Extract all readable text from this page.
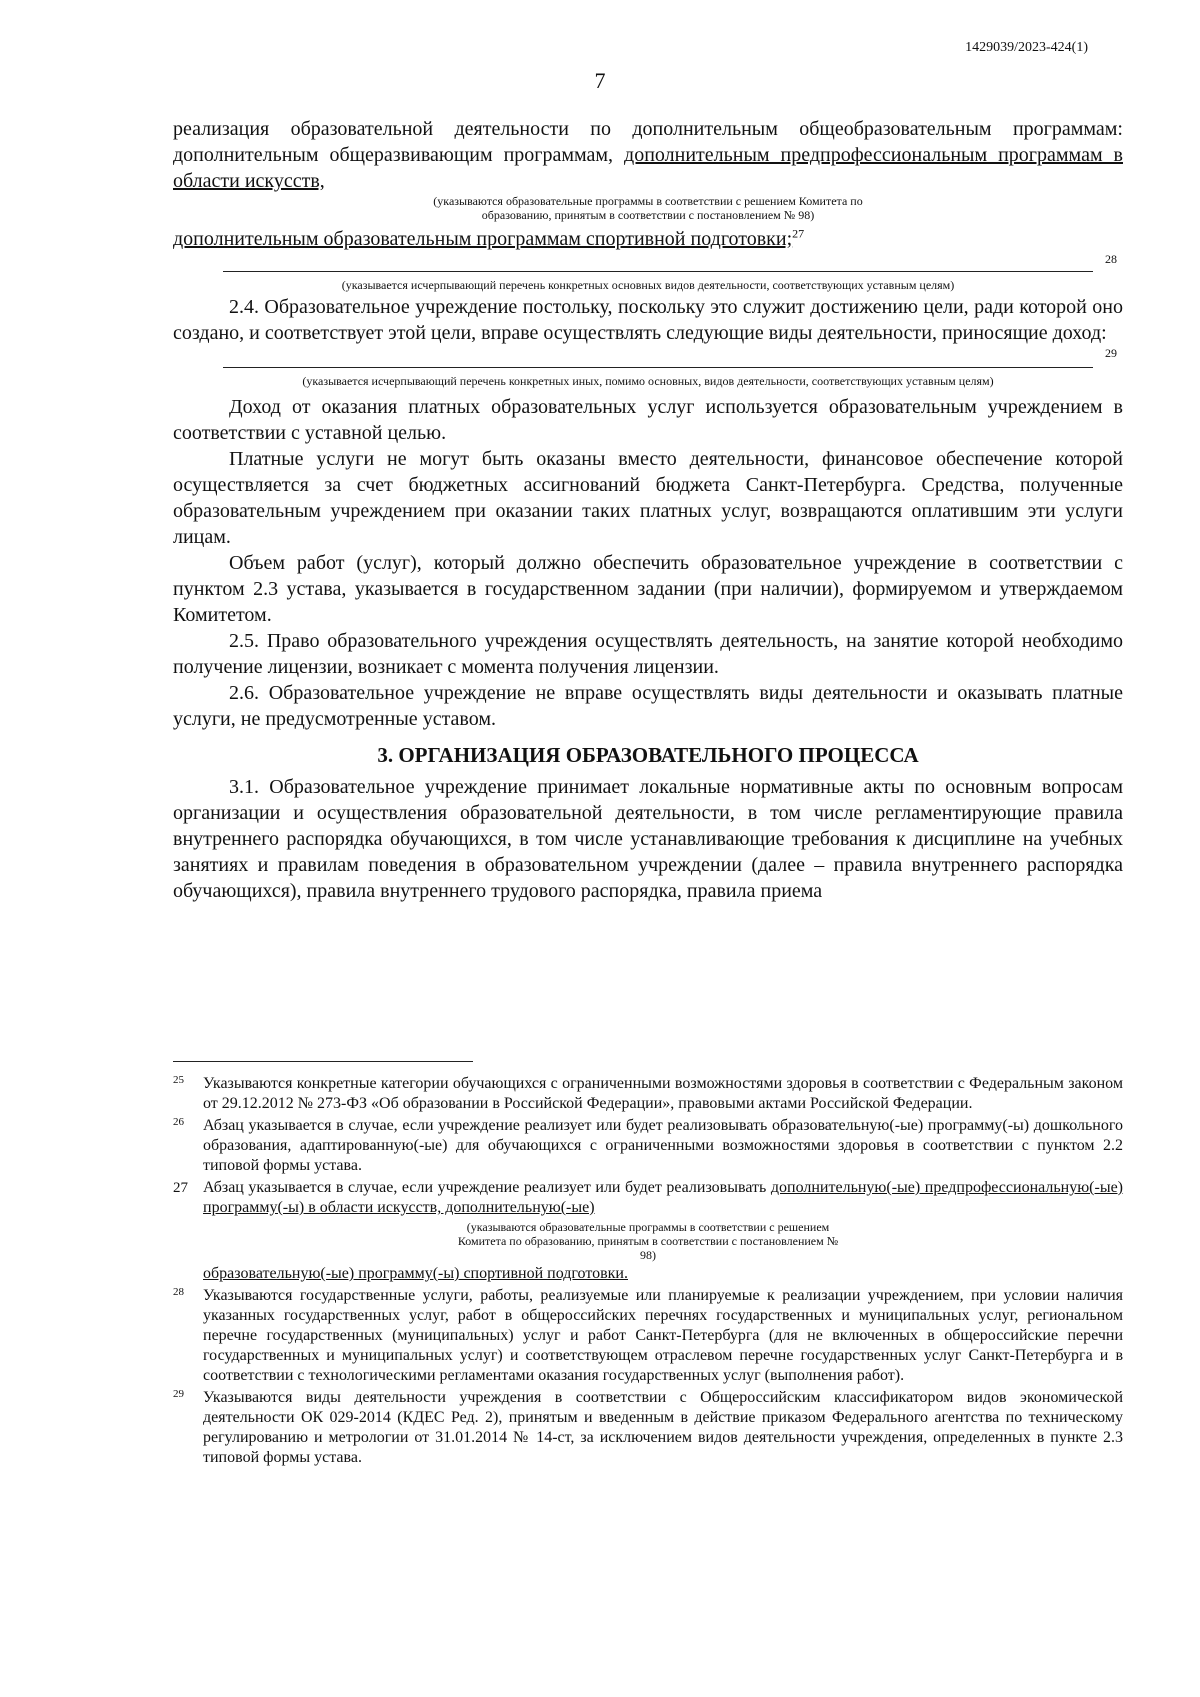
1429039/2023-424(1)
7

реализация образовательной деятельности по дополнительным общеобразовательным программам: дополнительным общеразвивающим программам, дополнительным предпрофессиональным программам в области искусств,

(указываются образовательные программы в соответствии с решением Комитета по образованию, принятым в соответствии с постановлением № 98)

дополнительным образовательным программам спортивной подготовки;$^{27}$

28

(указывается исчерпывающий перечень конкретных основных видов деятельности, соответствующих уставным целям)

2.4. Образовательное учреждение постольку, поскольку это служит достижению цели, ради которой оно создано, и соответствует этой цели, вправе осуществлять следующие виды деятельности, приносящие доход:

29

(указывается исчерпывающий перечень конкретных иных, помимо основных, видов деятельности, соответствующих уставным целям)

Доход от оказания платных образовательных услуг используется образовательным учреждением в соответствии с уставной целью.

Платные услуги не могут быть оказаны вместо деятельности, финансовое обеспечение которой осуществляется за счет бюджетных ассигнований бюджета Санкт-Петербурга. Средства, полученные образовательным учреждением при оказании таких платных услуг, возвращаются оплатившим эти услуги лицам.

Объем работ (услуг), который должно обеспечить образовательное учреждение в соответствии с пунктом 2.3 устава, указывается в государственном задании (при наличии), формируемом и утверждаемом Комитетом.

2.5. Право образовательного учреждения осуществлять деятельность, на занятие которой необходимо получение лицензии, возникает с момента получения лицензии.

2.6. Образовательное учреждение не вправе осуществлять виды деятельности и оказывать платные услуги, не предусмотренные уставом.

3. ОРГАНИЗАЦИЯ ОБРАЗОВАТЕЛЬНОГО ПРОЦЕССА

3.1. Образовательное учреждение принимает локальные нормативные акты по основным вопросам организации и осуществления образовательной деятельности, в том числе регламентирующие правила внутреннего распорядка обучающихся, в том числе устанавливающие требования к дисциплине на учебных занятиях и правилам поведения в образовательном учреждении (далее – правила внутреннего распорядка обучающихся), правила внутреннего трудового распорядка, правила приема

25 Указываются конкретные категории обучающихся с ограниченными возможностями здоровья в соответствии с Федеральным законом от 29.12.2012 № 273-ФЗ «Об образовании в Российской Федерации», правовыми актами Российской Федерации.

26 Абзац указывается в случае, если учреждение реализует или будет реализовывать образовательную(-ые) программу(-ы) дошкольного образования, адаптированную(-ые) для обучающихся с ограниченными возможностями здоровья в соответствии с пунктом 2.2 типовой формы устава.

27 Абзац указывается в случае, если учреждение реализует или будет реализовывать дополнительную(-ые) предпрофессиональную(-ые) программу(-ы) в области искусств, дополнительную(-ые)

(указываются образовательные программы в соответствии с решением Комитета по образованию, принятым в соответствии с постановлением № 98)

образовательную(-ые) программу(-ы) спортивной подготовки.

28 Указываются государственные услуги, работы, реализуемые или планируемые к реализации учреждением, при условии наличия указанных государственных услуг, работ в общероссийских перечнях государственных и муниципальных услуг, региональном перечне государственных (муниципальных) услуг и работ Санкт-Петербурга (для не включенных в общероссийские перечни государственных и муниципальных услуг) и соответствующем отраслевом перечне государственных услуг Санкт-Петербурга и в соответствии с технологическими регламентами оказания государственных услуг (выполнения работ).

29 Указываются виды деятельности учреждения в соответствии с Общероссийским классификатором видов экономической деятельности ОК 029-2014 (КДЕС Ред. 2), принятым и введенным в действие приказом Федерального агентства по техническому регулированию и метрологии от 31.01.2014 № 14-ст, за исключением видов деятельности учреждения, определенных в пункте 2.3 типовой формы устава.
